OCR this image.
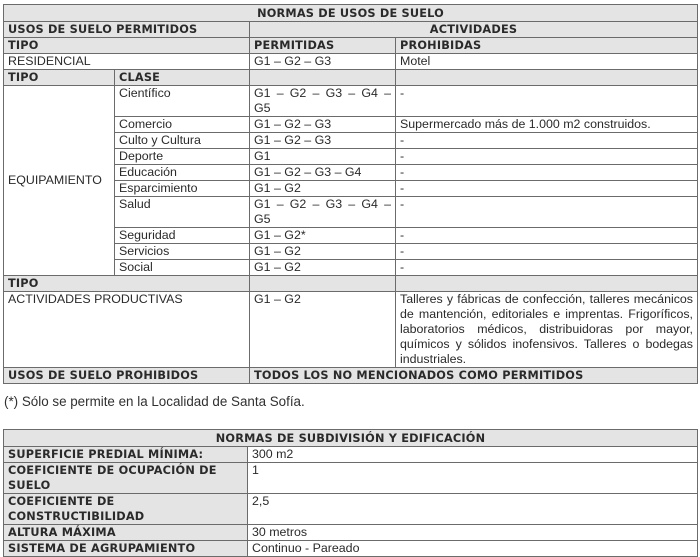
NORMAS DE USOS DE SUELO			
USOS DE SUELO PERMITIDOS		ACTIVIDADES	
TIPO		PERMITIDAS	PROHIBIDAS
RESIDENCIAL		G1 – G2 – G3	Motel
TIPO	CLASE		
EQUIPAMIENTO	Científico	G1 – G2 – G3 – G4 – G5	-
	Comercio	G1 – G2 – G3	Supermercado más de 1.000 m2 construidos.
	Culto y Cultura	G1 – G2 – G3	-
	Deporte	G1	-
	Educación	G1 – G2 – G3 – G4	-
	Esparcimiento	G1 – G2	-
	Salud	G1 – G2 – G3 – G4 – G5	-
	Seguridad	G1 – G2*	-
	Servicios	G1 – G2	-
	Social	G1 – G2	-
TIPO			
ACTIVIDADES PRODUCTIVAS		G1 – G2	Talleres y fábricas de confección, talleres mecánicos de mantención, editoriales e imprentas. Frigoríficos, laboratorios médicos, distribuidoras por mayor, químicos y sólidos inofensivos. Talleres o bodegas industriales.
USOS DE SUELO PROHIBIDOS		TODOS LOS NO MENCIONADOS COMO PERMITIDOS	
(*) Sólo se permite en la Localidad de Santa Sofía.
NORMAS DE SUBDIVISIÓN Y EDIFICACIÓN	
SUPERFICIE PREDIAL MÍNIMA:	300 m2
COEFICIENTE DE OCUPACIÓN DE SUELO	1
COEFICIENTE DE CONSTRUCTIBILIDAD	2,5
ALTURA MÁXIMA	30 metros
SISTEMA DE AGRUPAMIENTO	Continuo - Pareado
